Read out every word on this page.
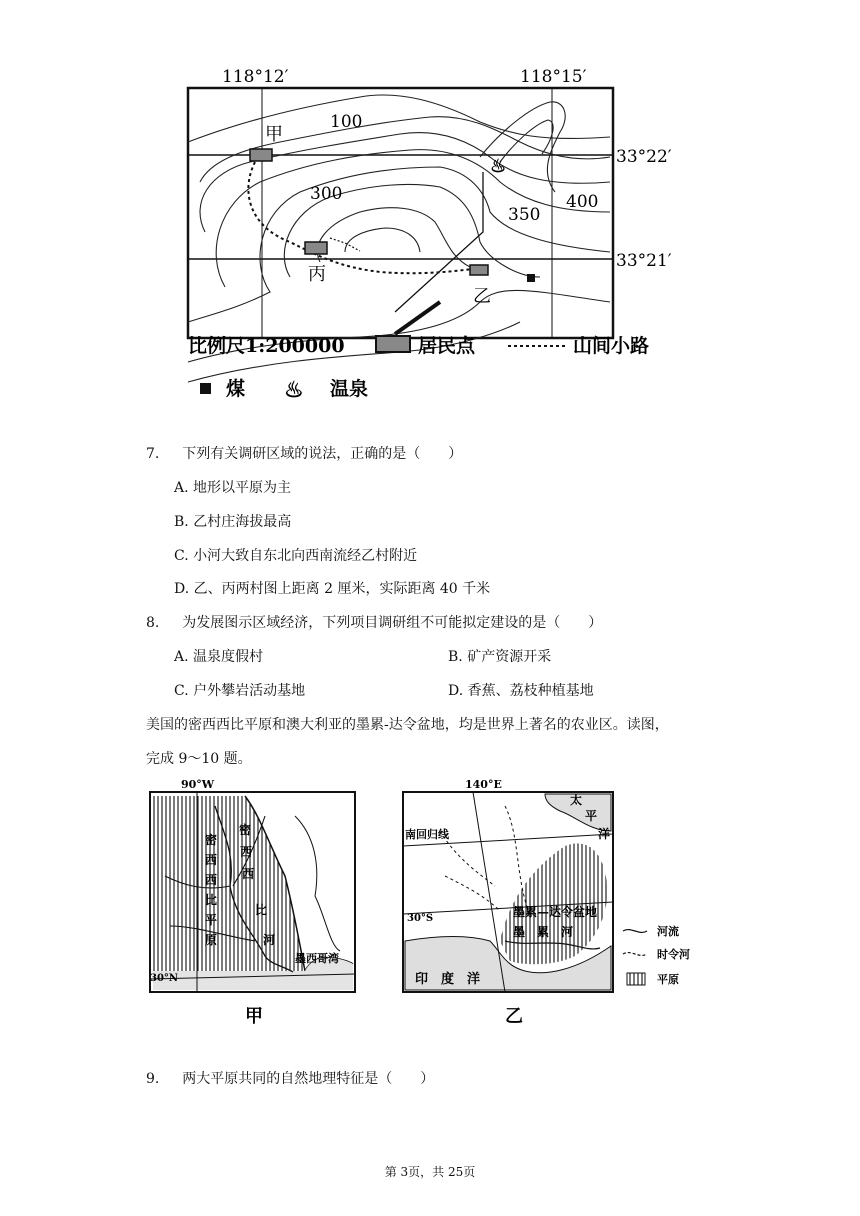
♨
118°12′	118°15′
33°22′
33°21′
100
300
350
400
甲
丙
乙
比例尺1:200000	居民点	山间小路
煤 ♨ 温泉
7. 下列有关调研区域的说法，正确的是（　　）
A. 地形以平原为主
B. 乙村庄海拔最高
C. 小河大致自东北向西南流经乙村附近
D. 乙、丙两村图上距离 2 厘米，实际距离 40 千米
8. 为发展图示区域经济，下列项目调研组不可能拟定建设的是（　　）
A. 温泉度假村	B. 矿产资源开采
C. 户外攀岩活动基地	D. 香蕉、荔枝种植基地
美国的密西西比平原和澳大利亚的墨累-达令盆地，均是世界上著名的农业区。读图，
完成 9～10 题。
90°W
30°N
密
西
西
比
平
原
密
西
西
比
河
墨西哥湾
甲
140°E
南回归线
30°S
太
平
洋
墨累—达令盆地
墨　累　河
印　度　洋
乙
河流
时令河
平原
9. 两大平原共同的自然地理特征是（　　）
第 3页，共 25页
